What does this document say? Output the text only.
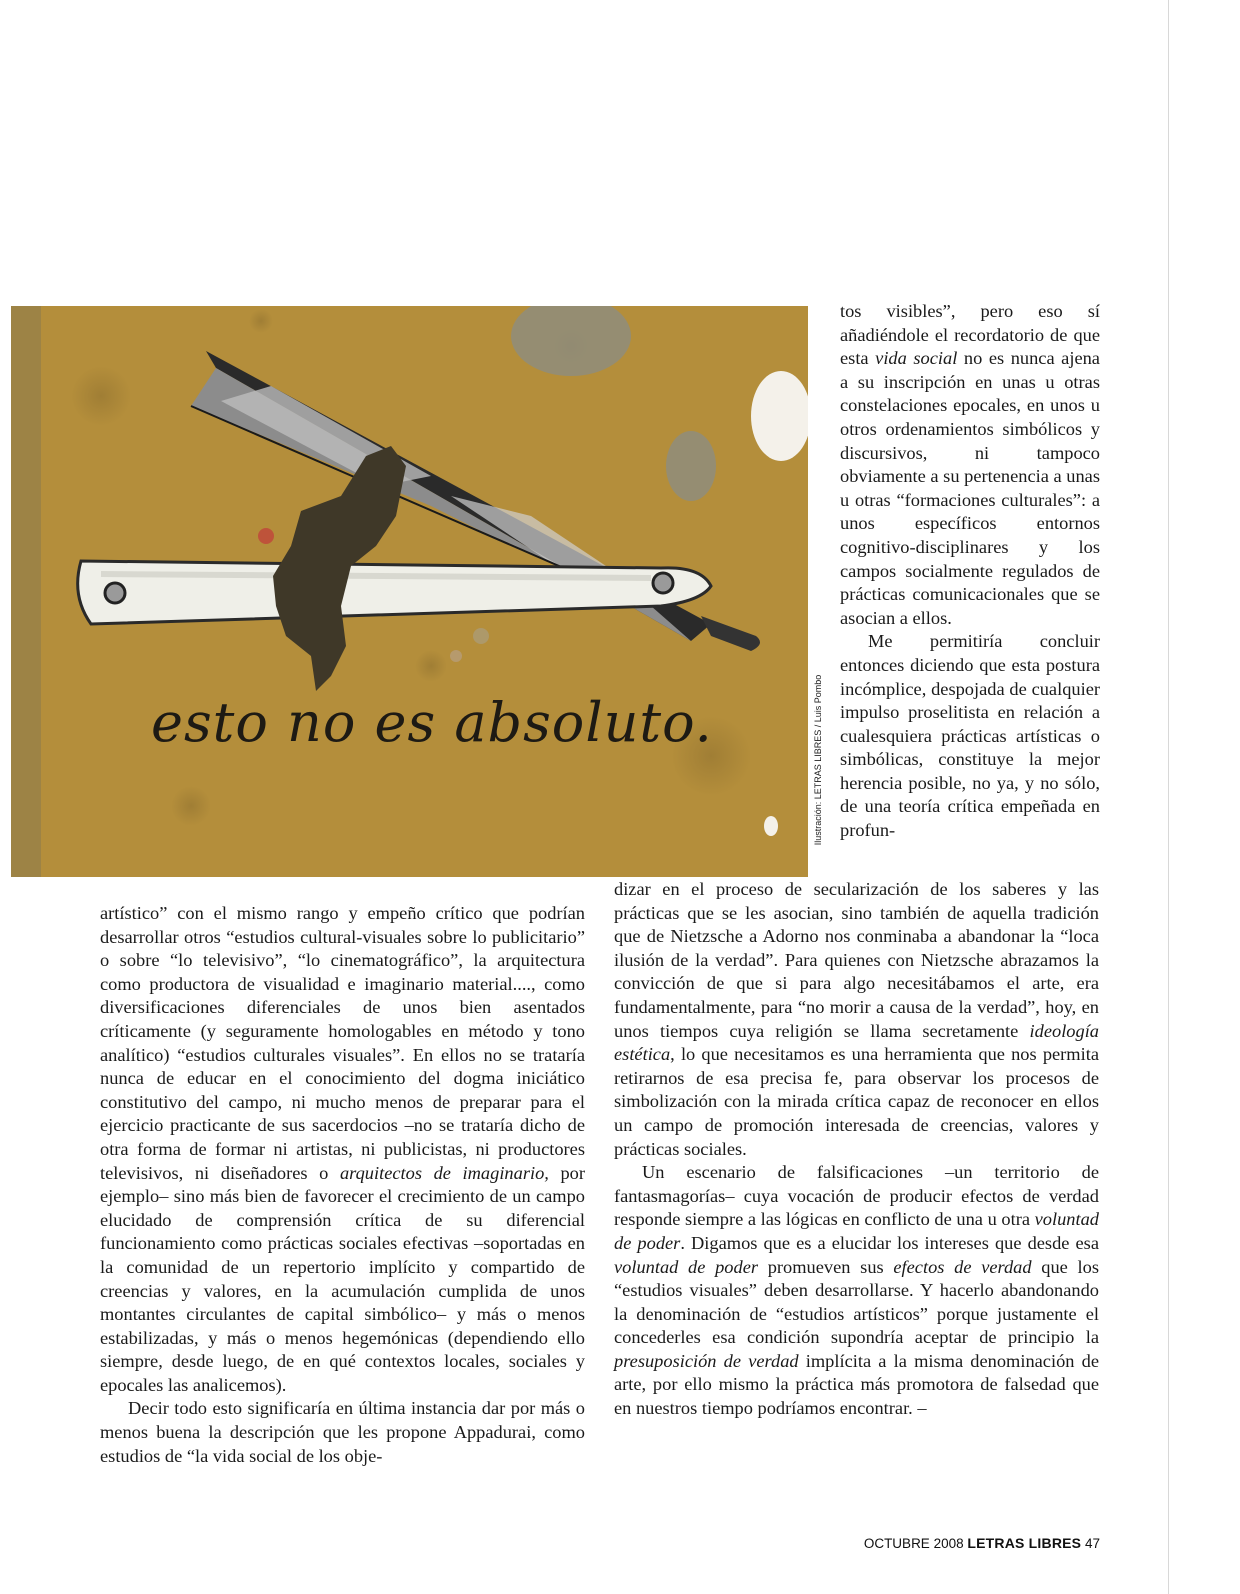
esto no es absoluto.	Ilustración: LETRAS LIBRES / Luis Pombo

tos visibles”, pero eso sí añadiéndole el recordatorio de que esta vida social no es nunca ajena a su inscripción en unas u otras constelaciones epocales, en unos u otros ordenamientos simbólicos y discursivos, ni tampoco obviamente a su pertenencia a unas u otras “formaciones culturales”: a unos específicos entornos cognitivo-disciplinares y los campos socialmente regulados de prácticas comunicacionales que se asocian a ellos.

Me permitiría concluir entonces diciendo que esta postura incómplice, despojada de cualquier impulso proselitista en relación a cualesquiera prácticas artísticas o simbólicas, constituye la mejor herencia posible, no ya, y no sólo, de una teoría crítica empeñada en profun-

artístico” con el mismo rango y empeño crítico que podrían desarrollar otros “estudios cultural-visuales sobre lo publicitario” o sobre “lo televisivo”, “lo cinematográfico”, la arquitectura como productora de visualidad e imaginario material...., como diversificaciones diferenciales de unos bien asentados críticamente (y seguramente homologables en método y tono analítico) “estudios culturales visuales”. En ellos no se trataría nunca de educar en el conocimiento del dogma iniciático constitutivo del campo, ni mucho menos de preparar para el ejercicio practicante de sus sacerdocios –no se trataría dicho de otra forma de formar ni artistas, ni publicistas, ni productores televisivos, ni diseñadores o arquitectos de imaginario, por ejemplo– sino más bien de favorecer el crecimiento de un campo elucidado de comprensión crítica de su diferencial funcionamiento como prácticas sociales efectivas –soportadas en la comunidad de un repertorio implícito y compartido de creencias y valores, en la acumulación cumplida de unos montantes circulantes de capital simbólico– y más o menos estabilizadas, y más o menos hegemónicas (dependiendo ello siempre, desde luego, de en qué contextos locales, sociales y epocales las analicemos).

Decir todo esto significaría en última instancia dar por más o menos buena la descripción que les propone Appadurai, como estudios de “la vida social de los obje-

dizar en el proceso de secularización de los saberes y las prácticas que se les asocian, sino también de aquella tradición que de Nietzsche a Adorno nos conminaba a abandonar la “loca ilusión de la verdad”. Para quienes con Nietzsche abrazamos la convicción de que si para algo necesitábamos el arte, era fundamentalmente, para “no morir a causa de la verdad”, hoy, en unos tiempos cuya religión se llama secretamente ideología estética, lo que necesitamos es una herramienta que nos permita retirarnos de esa precisa fe, para observar los procesos de simbolización con la mirada crítica capaz de reconocer en ellos un campo de promoción interesada de creencias, valores y prácticas sociales.

Un escenario de falsificaciones –un territorio de fantasmagorías– cuya vocación de producir efectos de verdad responde siempre a las lógicas en conflicto de una u otra voluntad de poder. Digamos que es a elucidar los intereses que desde esa voluntad de poder promueven sus efectos de verdad que los “estudios visuales” deben desarrollarse. Y hacerlo abandonando la denominación de “estudios artísticos” porque justamente el concederles esa condición supondría aceptar de principio la presuposición de verdad implícita a la misma denominación de arte, por ello mismo la práctica más promotora de falsedad que en nuestros tiempo podríamos encontrar. –

OCTUBRE 2008 LETRAS LIBRES 47
